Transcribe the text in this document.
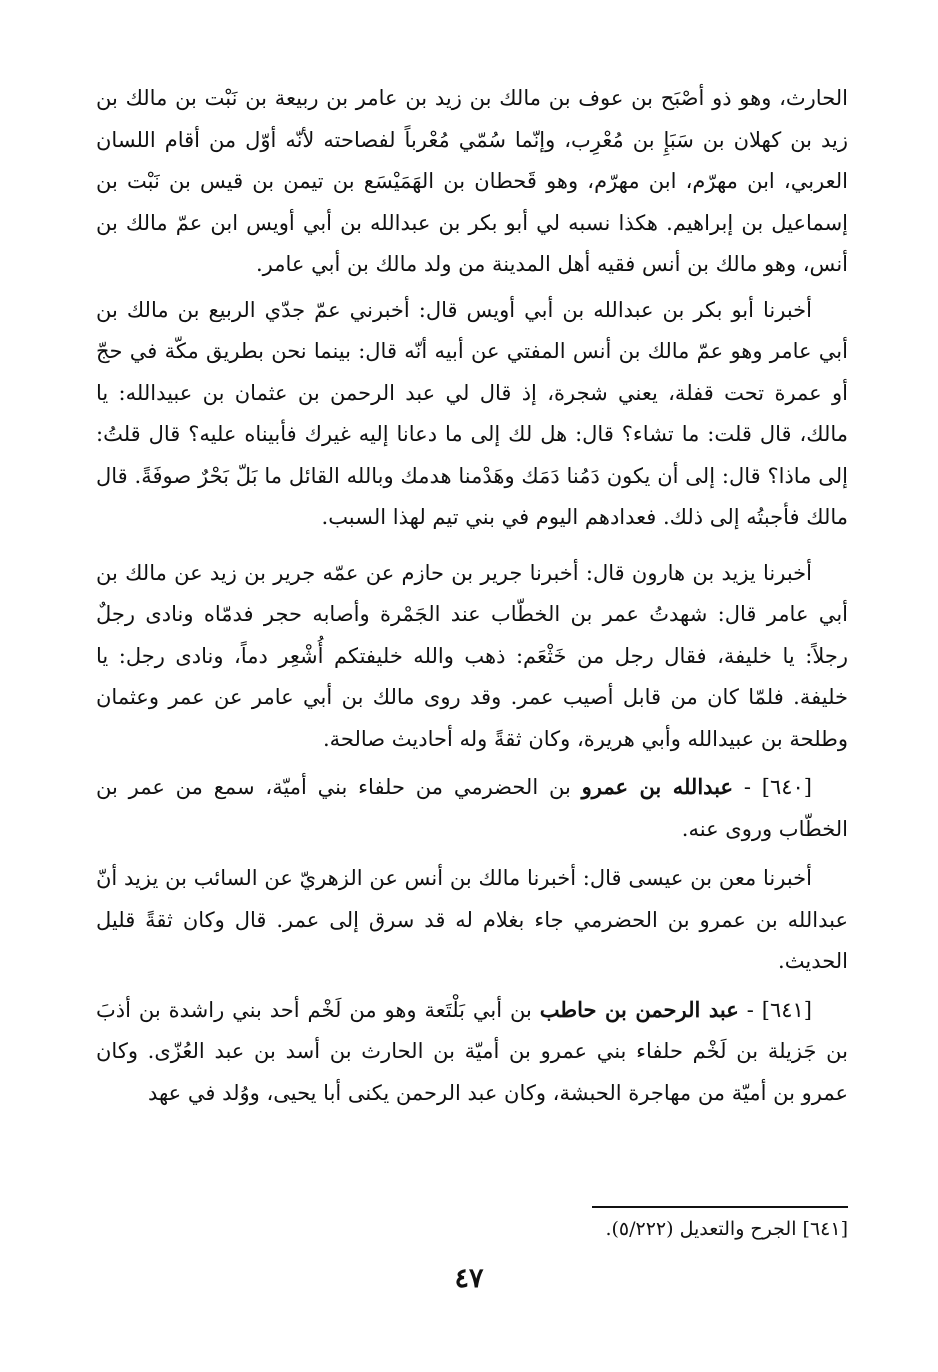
الحارث، وهو ذو أصْبَح بن عوف بن مالك بن زيد بن عامر بن ربيعة بن نَبْت بن مالك بن زيد بن كهلان بن سَبَإِ بن مُعْرِب، وإنّما سُمّي مُعْرباً لفصاحته لأنّه أوّل من أقام اللسان العربي، ابن مهرّم، ابن مهرّم، وهو قَحطان بن الهَمَيْسَع بن تيمن بن قيس بن نَبْت بن إسماعيل بن إبراهيم. هكذا نسبه لي أبو بكر بن عبدالله بن أبي أويس ابن عمّ مالك بن أنس، وهو مالك بن أنس فقيه أهل المدينة من ولد مالك بن أبي عامر.

أخبرنا أبو بكر بن عبدالله بن أبي أويس قال: أخبرني عمّ جدّي الربيع بن مالك بن أبي عامر وهو عمّ مالك بن أنس المفتي عن أبيه أنّه قال: بينما نحن بطريق مكّة في حجّ أو عمرة تحت قفلة، يعني شجرة، إذ قال لي عبد الرحمن بن عثمان بن عبيدالله: يا مالك، قال قلت: ما تشاء؟ قال: هل لك إلى ما دعانا إليه غيرك فأبيناه عليه؟ قال قلتُ: إلى ماذا؟ قال: إلى أن يكون دَمُنا دَمَك وهَدْمنا هدمك وبالله القائل ما بَلّ بَحْرٌ صوفَةً. قال مالك فأجبتُه إلى ذلك. فعدادهم اليوم في بني تيم لهذا السبب.

أخبرنا يزيد بن هارون قال: أخبرنا جرير بن حازم عن عمّه جرير بن زيد عن مالك بن أبي عامر قال: شهدتُ عمر بن الخطّاب عند الجَمْرة وأصابه حجر فدمّاه ونادى رجلٌ رجلاً: يا خليفة، فقال رجل من خَثْعَم: ذهب والله خليفتكم أُشْعِر دماً، ونادى رجل: يا خليفة. فلمّا كان من قابل أصيب عمر. وقد روى مالك بن أبي عامر عن عمر وعثمان وطلحة بن عبيدالله وأبي هريرة، وكان ثقةً وله أحاديث صالحة.

[٦٤٠] - عبدالله بن عمرو بن الحضرمي من حلفاء بني أميّة، سمع من عمر بن الخطّاب وروى عنه.

أخبرنا معن بن عيسى قال: أخبرنا مالك بن أنس عن الزهريّ عن السائب بن يزيد أنّ عبدالله بن عمرو بن الحضرمي جاء بغلام له قد سرق إلى عمر. قال وكان ثقةً قليل الحديث.

[٦٤١] - عبد الرحمن بن حاطب بن أبي بَلْتَعة وهو من لَخْم أحد بني راشدة بن أذبَ بن جَزيلة بن لَخْم حلفاء بني عمرو بن أميّة بن الحارث بن أسد بن عبد العُزّى. وكان عمرو بن أميّة من مهاجرة الحبشة، وكان عبد الرحمن يكنى أبا يحيى، ووُلد في عهد

[٦٤١] الجرح والتعديل (٥/٢٢٢).
٤٧
